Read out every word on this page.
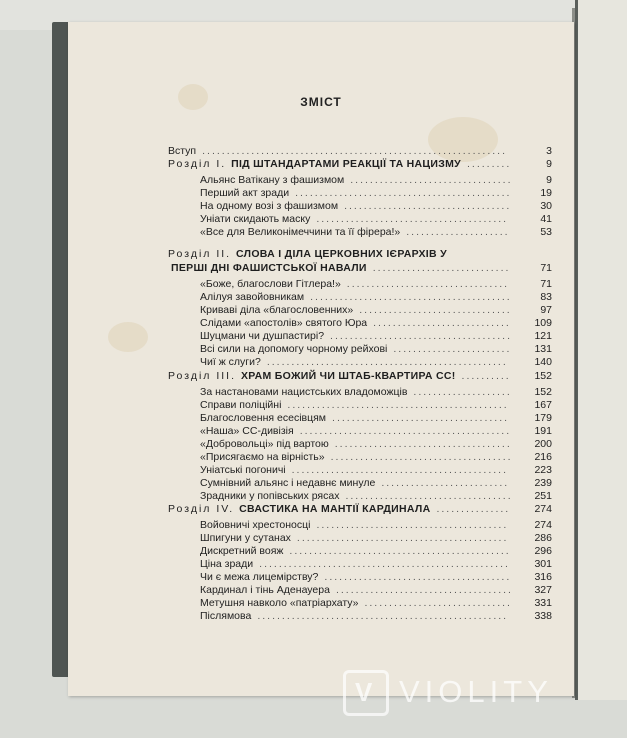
ЗМІСТ
Вступ	3
..............................................................
Розділ І. ПІД ШТАНДАРТАМИ РЕАКЦІЇ ТА НАЦИЗМУ	9
.........
Альянс Ватікану з фашизмом	9
.................................
Перший акт зради	19
............................................
На одному возі з фашизмом	30
..................................
Уніати скидають маску	41
.......................................
«Все для Великонімеччини та її фірера!»	53
.....................
Розділ II. СЛОВА І ДІЛА ЦЕРКОВНИХ ІЄРАРХІВ У
ПЕРШІ ДНІ ФАШИСТСЬКОЇ НАВАЛИ	71
............................
«Боже, благослови Гітлера!»	71
.................................
Алілуя завойовникам	83
.........................................
Криваві діла «благословенних»	97
...............................
Слідами «апостолів» святого Юра	109
............................
Шуцмани чи душпастирі?	121
.....................................
Всі сили на допомогу чорному рейхові	131
........................
Чиї ж слуги?	140
.................................................
Розділ III. ХРАМ БОЖИЙ ЧИ ШТАБ-КВАРТИРА СС!	152
..........
За настановами нацистських владоможців	152
....................
Справи поліційні	167
.............................................
Благословення есесівцям	179
....................................
«Наша» СС-дивізія	191
...........................................
«Добровольці» під вартою	200
....................................
«Присягаємо на вірність»	216
.....................................
Уніатські погоничі	223
............................................
Сумнівний альянс і недавнє минуле	239
..........................
Зрадники у попівських рясах	251
..................................
Розділ IV. СВАСТИКА НА МАНТІЇ КАРДИНАЛА	274
...............
Войовничі хрестоносці	274
.......................................
Шпигуни у сутанах	286
...........................................
Дискретний вояж	296
.............................................
Ціна зради	301
...................................................
Чи є межа лицемірству?	316
......................................
Кардинал і тінь Аденауера	327
....................................
Метушня навколо «патріархату»	331
..............................
Післямова	338
...................................................
V VIOLITY
